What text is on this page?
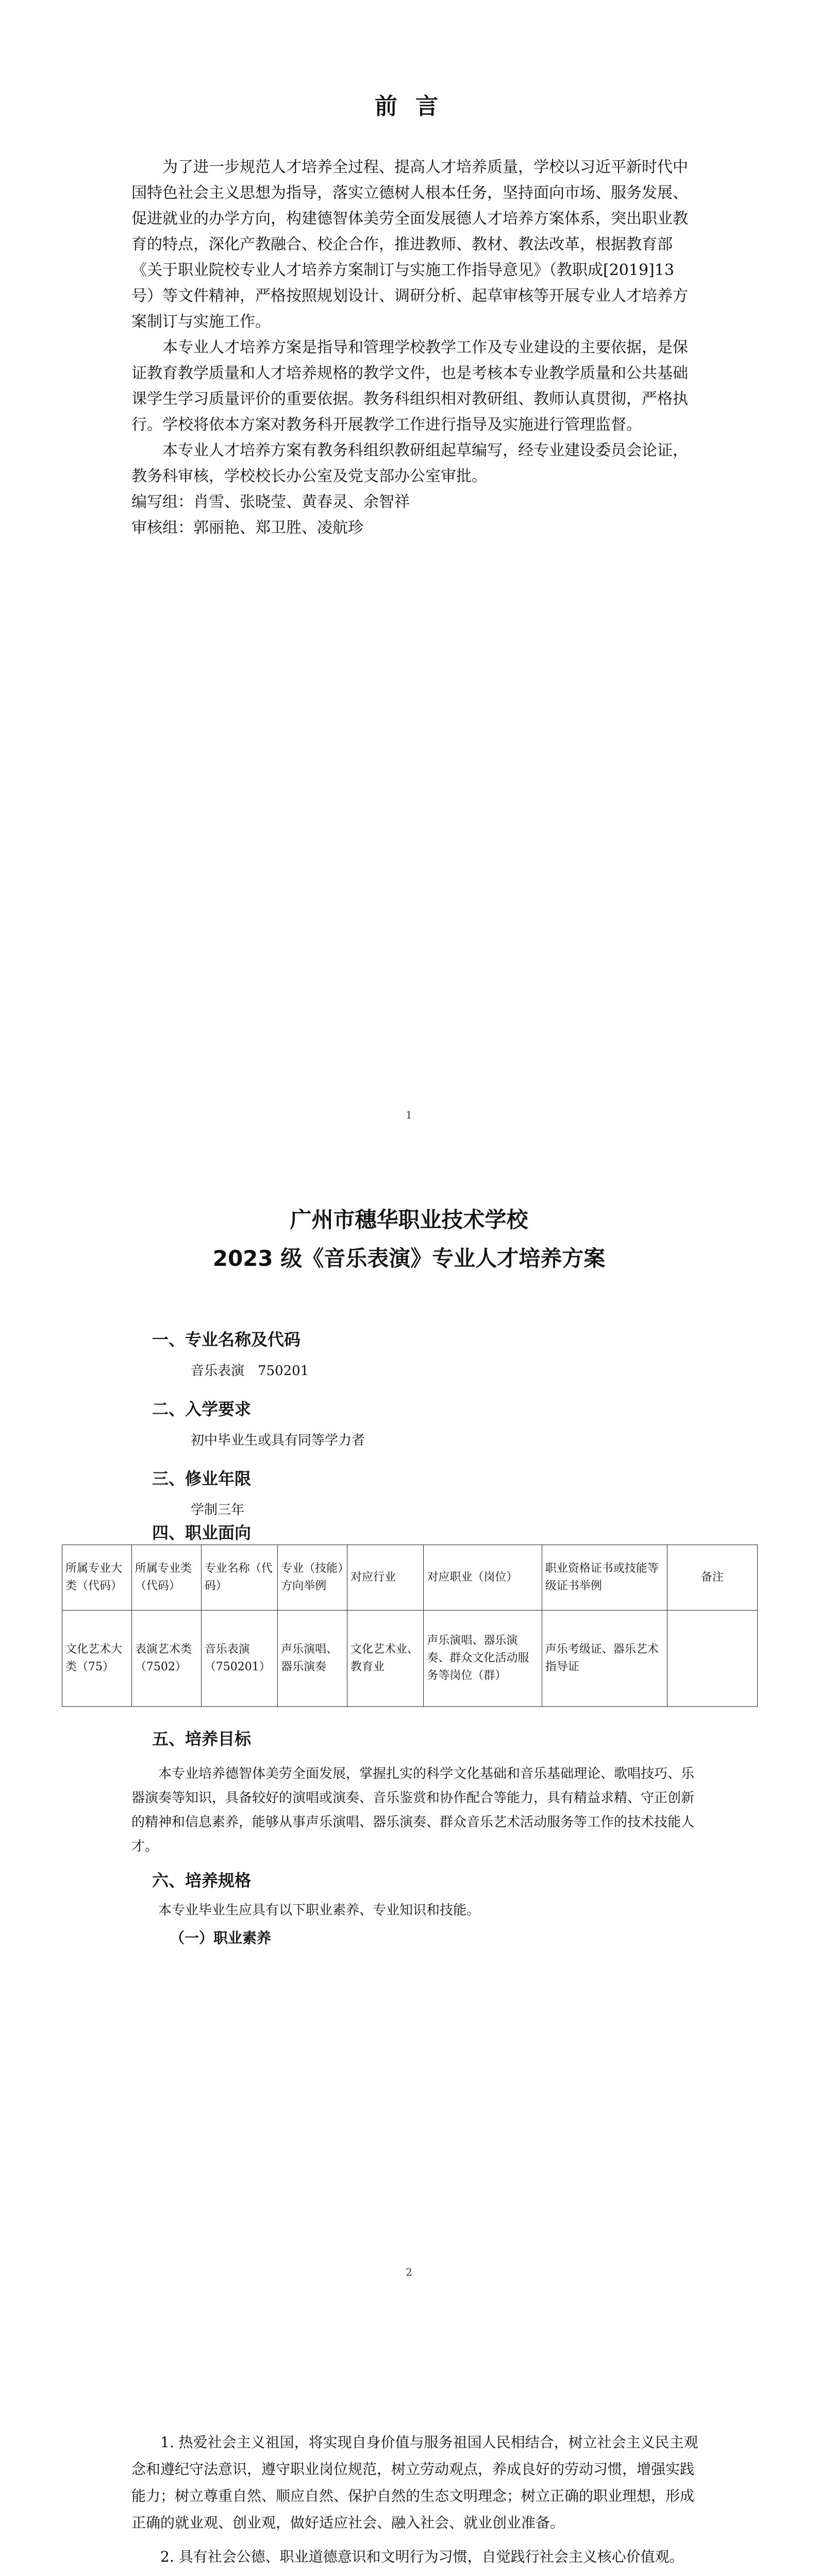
前 言

为了进一步规范人才培养全过程、提高人才培养质量，学校以习近平新时代中国特色社会主义思想为指导，落实立德树人根本任务，坚持面向市场、服务发展、促进就业的办学方向，构建德智体美劳全面发展德人才培养方案体系，突出职业教育的特点，深化产教融合、校企合作，推进教师、教材、教法改革，根据教育部《关于职业院校专业人才培养方案制订与实施工作指导意见》（教职成[2019]13 号）等文件精神，严格按照规划设计、调研分析、起草审核等开展专业人才培养方案制订与实施工作。

本专业人才培养方案是指导和管理学校教学工作及专业建设的主要依据，是保证教育教学质量和人才培养规格的教学文件，也是考核本专业教学质量和公共基础课学生学习质量评价的重要依据。教务科组织相对教研组、教师认真贯彻，严格执行。学校将依本方案对教务科开展教学工作进行指导及实施进行管理监督。

本专业人才培养方案有教务科组织教研组起草编写，经专业建设委员会论证，教务科审核，学校校长办公室及党支部办公室审批。

编写组：肖雪、张晓莹、黄春灵、余智祥

审核组：郭丽艳、郑卫胜、凌航珍

1
2
广州市穗华职业技术学校
2023 级《音乐表演》专业人才培养方案
一、专业名称及代码
音乐表演　750201
二、入学要求
初中毕业生或具有同等学力者
三、修业年限
学制三年
四、职业面向
所属专业大类（代码）	所属专业类（代码）	专业名称（代码）	专业（技能）方向举例	对应行业	对应职业（岗位）	职业资格证书或技能等级证书举例	备注
文化艺术大类（75）	表演艺术类（7502）	音乐表演（750201）	声乐演唱、器乐演奏	文化艺术业、教育业	声乐演唱、器乐演奏、群众文化活动服务等岗位（群）	声乐考级证、器乐艺术指导证	
五、培养目标

本专业培养德智体美劳全面发展，掌握扎实的科学文化基础和音乐基础理论、歌唱技巧、乐器演奏等知识，具备较好的演唱或演奏、音乐鉴赏和协作配合等能力，具有精益求精、守正创新的精神和信息素养，能够从事声乐演唱、器乐演奏、群众音乐艺术活动服务等工作的技术技能人才。

六、培养规格

本专业毕业生应具有以下职业素养、专业知识和技能。

（一）职业素养

1. 热爱社会主义祖国，将实现自身价值与服务祖国人民相结合，树立社会主义民主观念和遵纪守法意识，遵守职业岗位规范，树立劳动观点，养成良好的劳动习惯，增强实践能力；树立尊重自然、顺应自然、保护自然的生态文明理念；树立正确的职业理想，形成正确的就业观、创业观，做好适应社会、融入社会、就业创业准备。

2. 具有社会公德、职业道德意识和文明行为习惯，自觉践行社会主义核心价值观。
